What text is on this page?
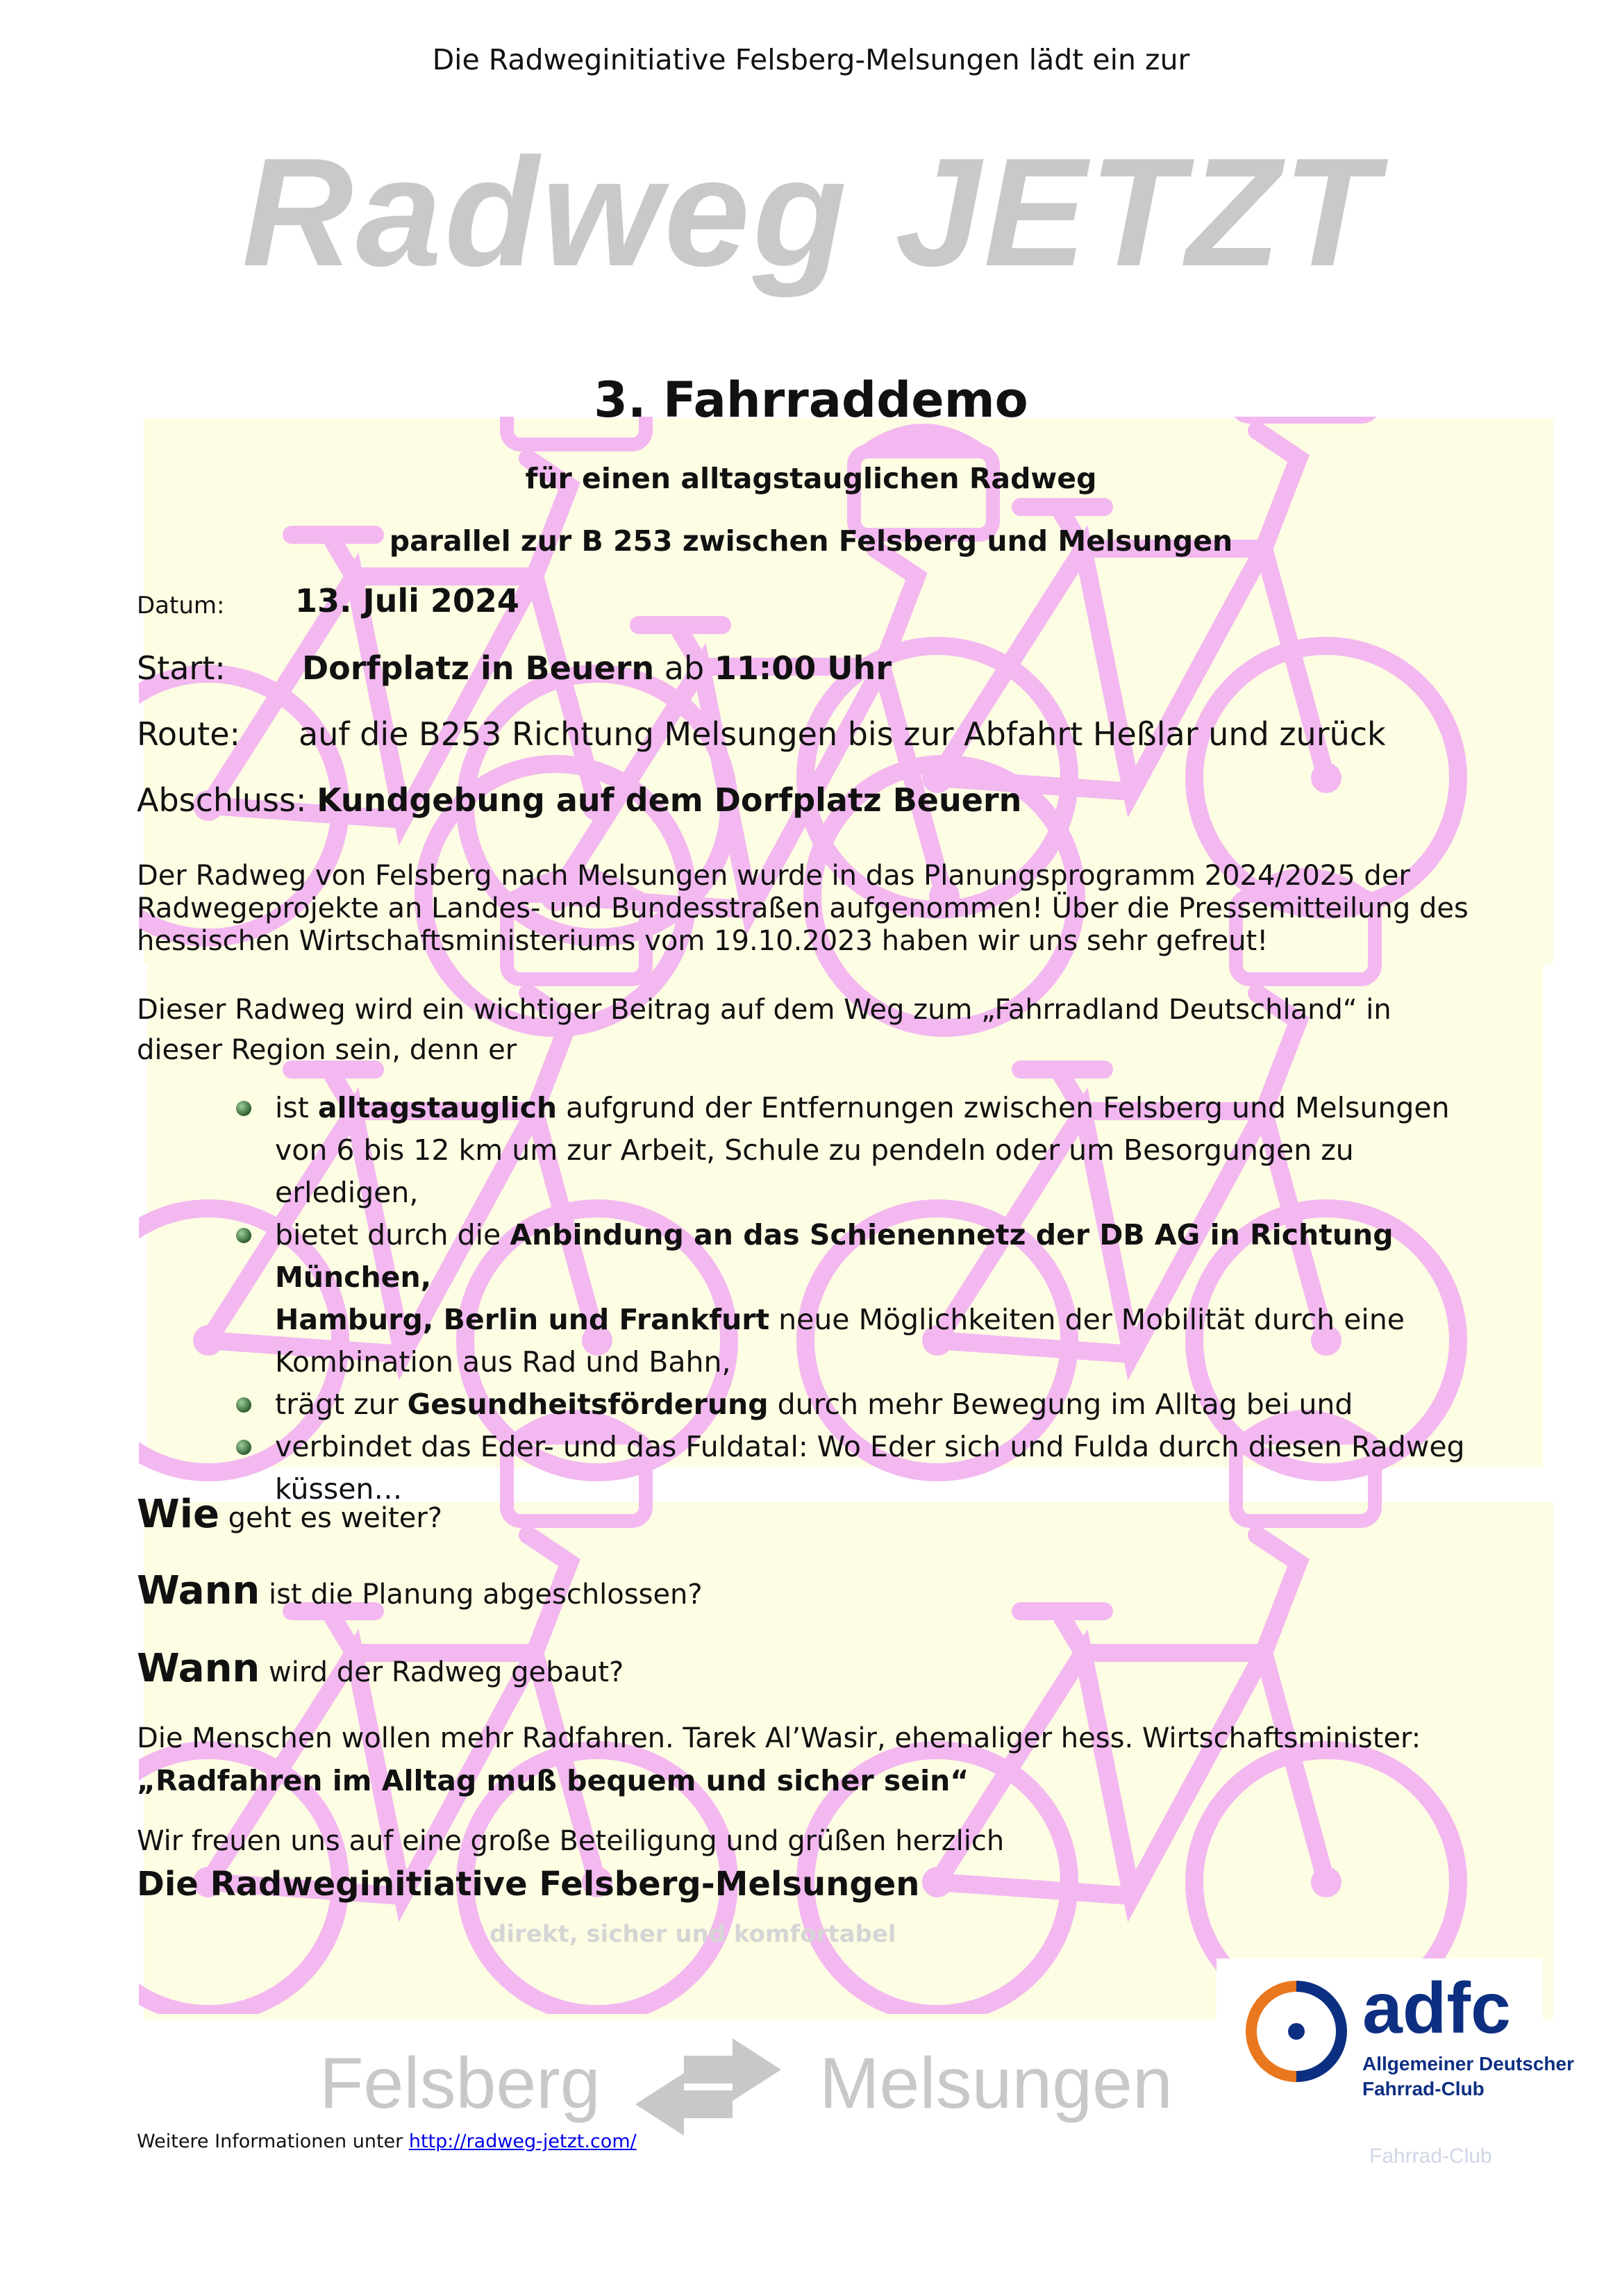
Die Radweginitiative Felsberg-Melsungen lädt ein zur
Radweg JETZT
3. Fahrraddemo
für einen alltagstauglichen Radweg
parallel zur B 253 zwischen Felsberg und Melsungen
Datum: 13. Juli 2024
Start: Dorfplatz in Beuern ab 11:00 Uhr
Route: auf die B253 Richtung Melsungen bis zur Abfahrt Heßlar und zurück
Abschluss: Kundgebung auf dem Dorfplatz Beuern
Der Radweg von Felsberg nach Melsungen wurde in das Planungsprogramm 2024/2025 der
Radwegeprojekte an Landes- und Bundesstraßen aufgenommen! Über die Pressemitteilung des
hessischen Wirtschaftsministeriums vom 19.10.2023 haben wir uns sehr gefreut!
Dieser Radweg wird ein wichtiger Beitrag auf dem Weg zum „Fahrradland Deutschland“ in
dieser Region sein, denn er
ist alltagstauglich aufgrund der Entfernungen zwischen Felsberg und Melsungen
von 6 bis 12 km um zur Arbeit, Schule zu pendeln oder um Besorgungen zu
erledigen,
bietet durch die Anbindung an das Schienennetz der DB AG in Richtung München,
Hamburg, Berlin und Frankfurt neue Möglichkeiten der Mobilität durch eine
Kombination aus Rad und Bahn,
trägt zur Gesundheitsförderung durch mehr Bewegung im Alltag bei und
verbindet das Eder- und das Fuldatal: Wo Eder sich und Fulda durch diesen Radweg
küssen…
Wie geht es weiter?
Wann ist die Planung abgeschlossen?
Wann wird der Radweg gebaut?
Die Menschen wollen mehr Radfahren. Tarek Al’Wasir, ehemaliger hess. Wirtschaftsminister:
„Radfahren im Alltag muß bequem und sicher sein“
Wir freuen uns auf eine große Beteiligung und grüßen herzlich
Die Radweginitiative Felsberg-Melsungen
direkt, sicher und komfortabel
adfc
Allgemeiner Deutscher
Fahrrad-Club
Fahrrad-Club
Felsberg	Melsungen
Weitere Informationen unter http://radweg-jetzt.com/
